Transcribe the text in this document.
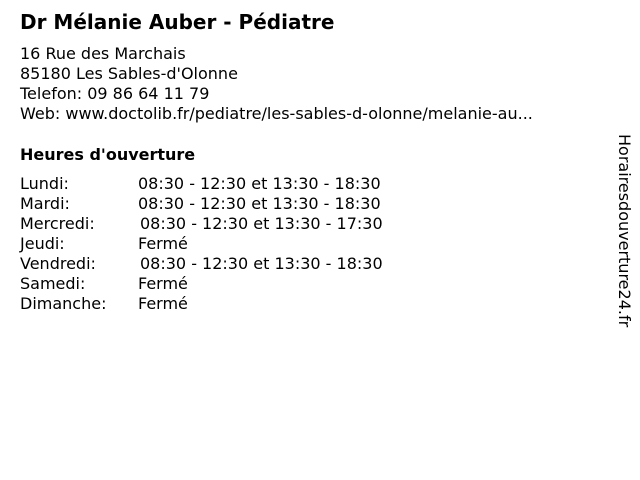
Dr Mélanie Auber - Pédiatre
16 Rue des Marchais
85180 Les Sables-d'Olonne
Telefon: 09 86 64 11 79
Web: www.doctolib.fr/pediatre/les-sables-d-olonne/melanie-au...
Heures d'ouverture
Lundi:	08:30 - 12:30 et 13:30 - 18:30
Mardi:	08:30 - 12:30 et 13:30 - 18:30
Mercredi:	08:30 - 12:30 et 13:30 - 17:30
Jeudi:	Fermé
Vendredi:	08:30 - 12:30 et 13:30 - 18:30
Samedi:	Fermé
Dimanche: Fermé	Horairesdouverture24.fr
